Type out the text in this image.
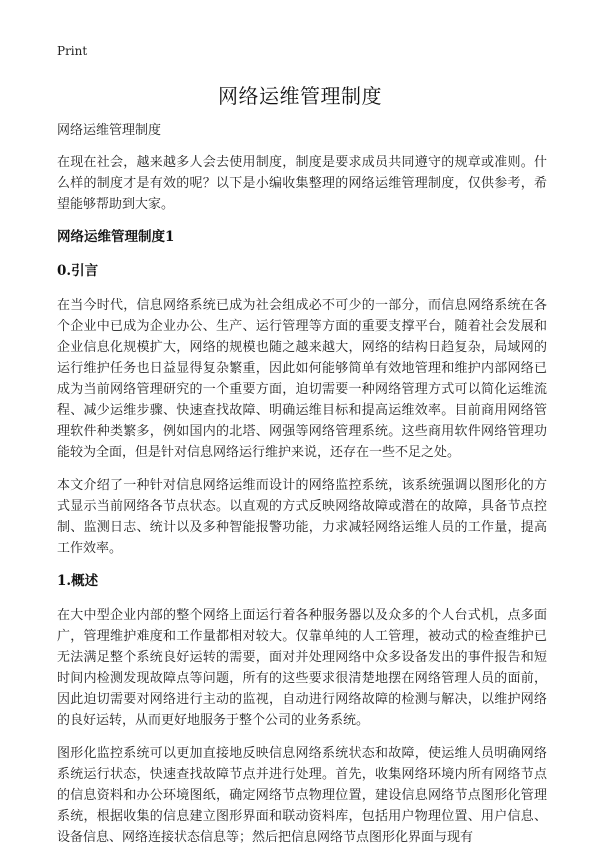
Print
网络运维管理制度

网络运维管理制度

在现在社会，越来越多人会去使用制度，制度是要求成员共同遵守的规章或准则。什么样的制度才是有效的呢？以下是小编收集整理的网络运维管理制度，仅供参考，希望能够帮助到大家。

网络运维管理制度1

0.引言

在当今时代，信息网络系统已成为社会组成必不可少的一部分，而信息网络系统在各个企业中已成为企业办公、生产、运行管理等方面的重要支撑平台，随着社会发展和企业信息化规模扩大，网络的规模也随之越来越大，网络的结构日趋复杂，局域网的运行维护任务也日益显得复杂繁重，因此如何能够简单有效地管理和维护内部网络已成为当前网络管理研究的一个重要方面，迫切需要一种网络管理方式可以简化运维流程、减少运维步骤、快速查找故障、明确运维目标和提高运维效率。目前商用网络管理软件种类繁多，例如国内的北塔、网强等网络管理系统。这些商用软件网络管理功能较为全面，但是针对信息网络运行维护来说，还存在一些不足之处。

本文介绍了一种针对信息网络运维而设计的网络监控系统，该系统强调以图形化的方式显示当前网络各节点状态。以直观的方式反映网络故障或潜在的故障，具备节点控制、监测日志、统计以及多种智能报警功能，力求减轻网络运维人员的工作量，提高工作效率。

1.概述

在大中型企业内部的整个网络上面运行着各种服务器以及众多的个人台式机，点多面广，管理维护难度和工作量都相对较大。仅靠单纯的人工管理，被动式的检查维护已无法满足整个系统良好运转的需要，面对并处理网络中众多设备发出的事件报告和短时间内检测发现故障点等问题，所有的这些要求很清楚地摆在网络管理人员的面前，因此迫切需要对网络进行主动的监视，自动进行网络故障的检测与解决，以维护网络的良好运转，从而更好地服务于整个公司的业务系统。

图形化监控系统可以更加直接地反映信息网络系统状态和故障，使运维人员明确网络系统运行状态，快速查找故障节点并进行处理。首先，收集网络环境内所有网络节点的信息资料和办公环境图纸，确定网络节点物理位置，建设信息网络节点图形化管理系统，根据收集的信息建立图形界面和联动资料库，包括用户物理位置、用户信息、设备信息、网络连接状态信息等；然后把信息网络节点图形化界面与现有
